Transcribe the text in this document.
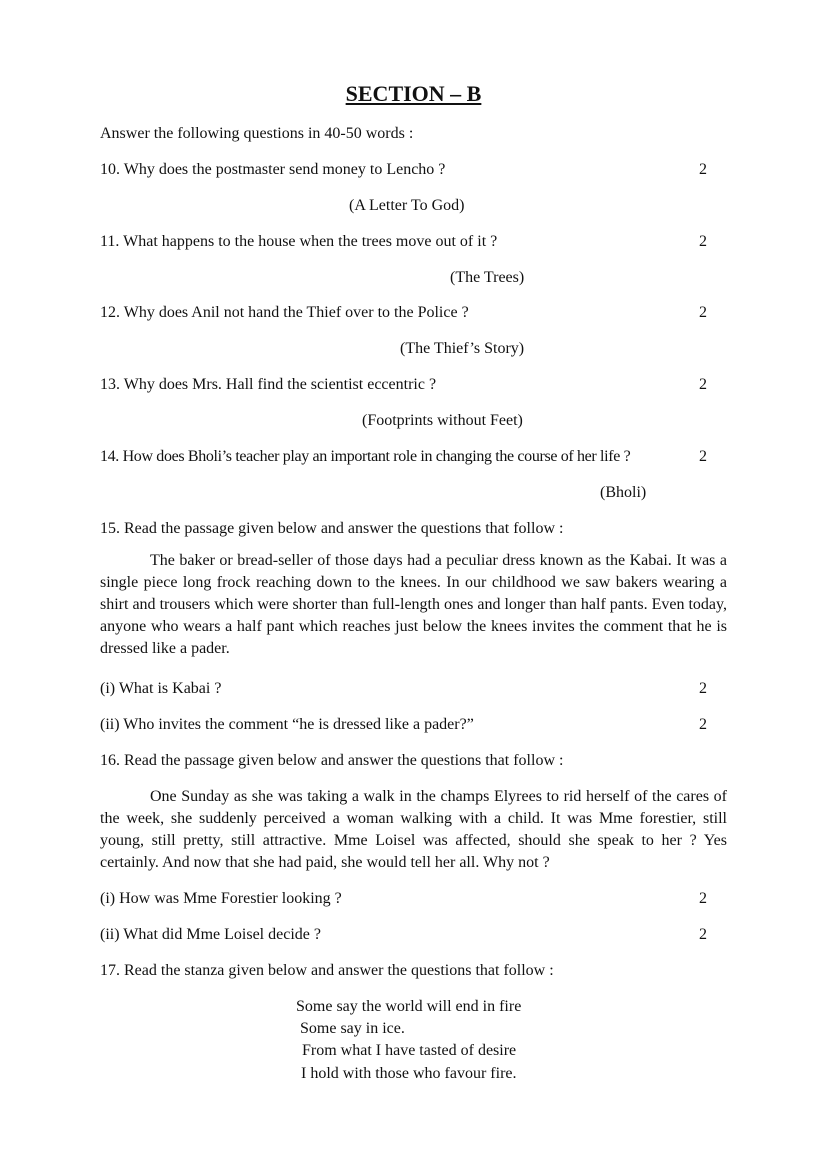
SECTION – B
Answer the following questions in 40-50 words :
10. Why does the postmaster send money to Lencho ?	2
(A Letter To God)
11. What happens to the house when the trees move out of it ?	2
(The Trees)
12. Why does Anil not hand the Thief over to the Police ?	2
(The Thief’s Story)
13. Why does Mrs. Hall find the scientist eccentric ?	2
(Footprints without Feet)
14. How does Bholi’s teacher play an important role in changing the course of her life ?	2
(Bholi)
15. Read the passage given below and answer the questions that follow :

The baker or bread-seller of those days had a peculiar dress known as the Kabai. It was a single piece long frock reaching down to the knees. In our childhood we saw bakers wearing a shirt and trousers which were shorter than full-length ones and longer than half pants. Even today, anyone who wears a half pant which reaches just below the knees invites the comment that he is dressed like a pader.

(i) What is Kabai ?	2
(ii) Who invites the comment “he is dressed like a pader?”	2
16. Read the passage given below and answer the questions that follow :

One Sunday as she was taking a walk in the champs Elyrees to rid herself of the cares of the week, she suddenly perceived a woman walking with a child. It was Mme forestier, still young, still pretty, still attractive. Mme Loisel was affected, should she speak to her ? Yes certainly. And now that she had paid, she would tell her all. Why not ?

(i) How was Mme Forestier looking ?	2
(ii) What did Mme Loisel decide ?	2
17. Read the stanza given below and answer the questions that follow :
Some say the world will end in fire
Some say in ice.
From what I have tasted of desire
I hold with those who favour fire.
